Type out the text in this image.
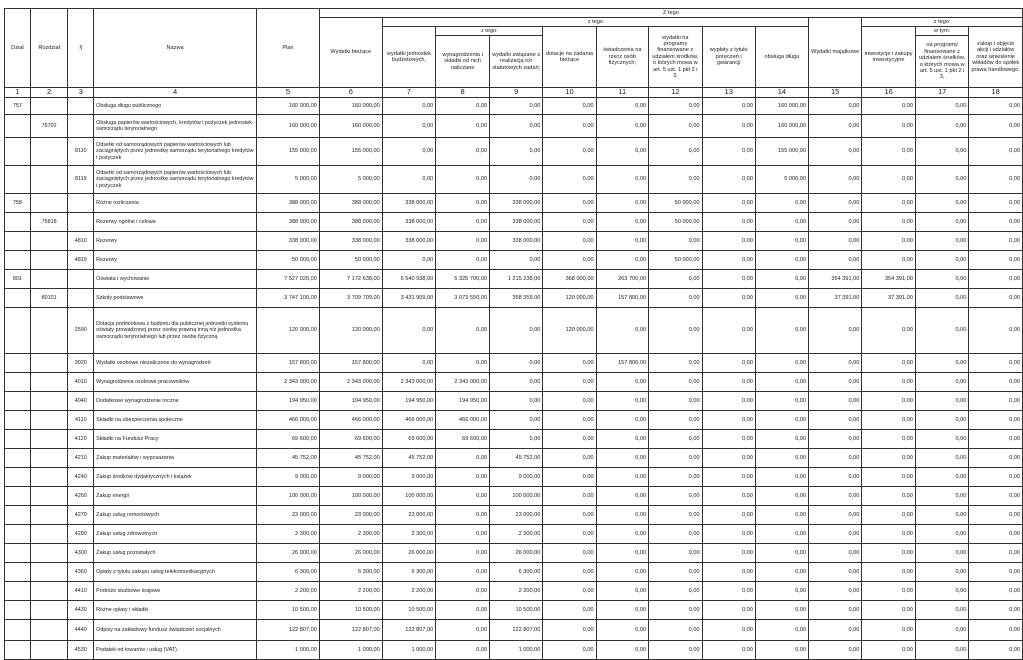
Dział	Rozdział	§	Nazwa	Plan	Z tego												
					Wydatki bieżące	z tego								Wydatki majątkowe	z tego:		
						wydatki jednostek budżetowych,	z tego:		dotacje na zadania bieżące	świadczenia na rzecz osób fizycznych;	wydatki na programy finansowane z udziałem środków, o których mowa w art. 5 ust. 1 pkt 2 i 3,	wypłaty z tytułu poręczeń i gwarancji	obsługa długu		inwestycje i zakupy inwestycyjne	w tym:	zakup i objęcie akcji i udziałów oraz wniesienie wkładów do spółek prawa handlowego.
							wynagrodzenia i składki od nich naliczane	wydatki związane z realizacją ich statutowych zadań;								na programy finansowane z udziałem środków, o których mowa w art. 5 ust. 1 pkt 2 i 3,	

1	2	3	4	5	6	7	8	9	10	11	12	13	14	15	16	17	18
757			Obsługa długu publicznego	160 000,00	160 000,00	0,00	0,00	0,00	0,00	0,00	0,00	0,00	160 000,00	0,00	0,00	0,00	0,00
	75702		Obsługa papierów wartościowych, kredytów i pożyczek jednostek samorządu terytorialnego	160 000,00	160 000,00	0,00	0,00	0,00	0,00	0,00	0,00	0,00	160 000,00	0,00	0,00	0,00	0,00
		8110	Odsetki od samorządowych papierów wartościowych lub zaciągniętych przez jednostkę samorządu terytorialnego kredytów i pożyczek	155 000,00	155 000,00	0,00	0,00	0,00	0,00	0,00	0,00	0,00	155 000,00	0,00	0,00	0,00	0,00
		8119	Odsetki od samorządowych papierów wartościowych lub zaciągniętych przez jednostkę samorządu terytorialnego kredytów i pożyczek	5 000,00	5 000,00	0,00	0,00	0,00	0,00	0,00	0,00	0,00	5 000,00	0,00	0,00	0,00	0,00
758			Różne rozliczenia	388 000,00	388 000,00	338 000,00	0,00	338 000,00	0,00	0,00	50 000,00	0,00	0,00	0,00	0,00	0,00	0,00
	75818		Rezerwy ogólne i celowe	388 000,00	388 000,00	338 000,00	0,00	338 000,00	0,00	0,00	50 000,00	0,00	0,00	0,00	0,00	0,00	0,00
		4810	Rezerwy	338 000,00	338 000,00	338 000,00	0,00	338 000,00	0,00	0,00	0,00	0,00	0,00	0,00	0,00	0,00	0,00
		4819	Rezerwy	50 000,00	50 000,00	0,00	0,00	0,00	0,00	0,00	50 000,00	0,00	0,00	0,00	0,00	0,00	0,00
801			Oświata i wychowanie	7 527 029,00	7 172 638,00	6 540 938,00	5 325 700,00	1 215 238,00	368 000,00	263 700,00	0,00	0,00	0,00	354 391,00	354 391,00	0,00	0,00
	80101		Szkoły podstawowe	3 747 100,00	3 709 709,00	3 431 909,00	3 073 550,00	358 359,00	120 000,00	157 800,00	0,00	0,00	0,00	37 391,00	37 391,00	0,00	0,00
		2590	Dotacja podmiotowa z budżetu dla publicznej jednostki systemu oświaty prowadzonej przez osobę prawną inną niż jednostka samorządu terytorialnego lub przez osobę fizyczną	120 000,00	120 000,00	0,00	0,00	0,00	120 000,00	0,00	0,00	0,00	0,00	0,00	0,00	0,00	0,00
		3020	Wydatki osobowe niezaliczone do wynagrodzeń	157 800,00	157 800,00	0,00	0,00	0,00	0,00	157 800,00	0,00	0,00	0,00	0,00	0,00	0,00	0,00
		4010	Wynagrodzenia osobowe pracowników	2 343 000,00	2 343 000,00	2 343 000,00	2 343 000,00	0,00	0,00	0,00	0,00	0,00	0,00	0,00	0,00	0,00	0,00
		4040	Dodatkowe wynagrodzenie roczne	194 950,00	194 950,00	194 950,00	194 950,00	0,00	0,00	0,00	0,00	0,00	0,00	0,00	0,00	0,00	0,00
		4110	Składki na ubezpieczenia społeczne	466 000,00	466 000,00	466 000,00	466 000,00	0,00	0,00	0,00	0,00	0,00	0,00	0,00	0,00	0,00	0,00
		4120	Składki na Fundusz Pracy	69 600,00	69 600,00	69 600,00	69 600,00	0,00	0,00	0,00	0,00	0,00	0,00	0,00	0,00	0,00	0,00
		4210	Zakup materiałów i wyposażenia	45 752,00	45 752,00	45 752,00	0,00	45 752,00	0,00	0,00	0,00	0,00	0,00	0,00	0,00	0,00	0,00
		4240	Zakup środków dydaktycznych i książek	9 000,00	9 000,00	9 000,00	0,00	9 000,00	0,00	0,00	0,00	0,00	0,00	0,00	0,00	0,00	0,00
		4260	Zakup energii	100 000,00	100 000,00	100 000,00	0,00	100 000,00	0,00	0,00	0,00	0,00	0,00	0,00	0,00	0,00	0,00
		4270	Zakup usług remontowych	23 000,00	23 000,00	23 000,00	0,00	23 000,00	0,00	0,00	0,00	0,00	0,00	0,00	0,00	0,00	0,00
		4280	Zakup usług zdrowotnych	2 300,00	2 300,00	2 300,00	0,00	2 300,00	0,00	0,00	0,00	0,00	0,00	0,00	0,00	0,00	0,00
		4300	Zakup usług pozostałych	26 000,00	26 000,00	26 000,00	0,00	26 000,00	0,00	0,00	0,00	0,00	0,00	0,00	0,00	0,00	0,00
		4360	Opłaty z tytułu zakupu usług telekomunikacyjnych	6 300,00	6 300,00	6 300,00	0,00	6 300,00	0,00	0,00	0,00	0,00	0,00	0,00	0,00	0,00	0,00
		4410	Podróże służbowe krajowe	2 200,00	2 200,00	2 200,00	0,00	2 200,00	0,00	0,00	0,00	0,00	0,00	0,00	0,00	0,00	0,00
		4430	Różne opłaty i składki	10 500,00	10 500,00	10 500,00	0,00	10 500,00	0,00	0,00	0,00	0,00	0,00	0,00	0,00	0,00	0,00
		4440	Odpisy na zakładowy fundusz świadczeń socjalnych	122 807,00	122 807,00	122 807,00	0,00	122 807,00	0,00	0,00	0,00	0,00	0,00	0,00	0,00	0,00	0,00
		4530	Podatek od towarów i usług (VAT).	1 000,00	1 000,00	1 000,00	0,00	1 000,00	0,00	0,00	0,00	0,00	0,00	0,00	0,00	0,00	0,00
